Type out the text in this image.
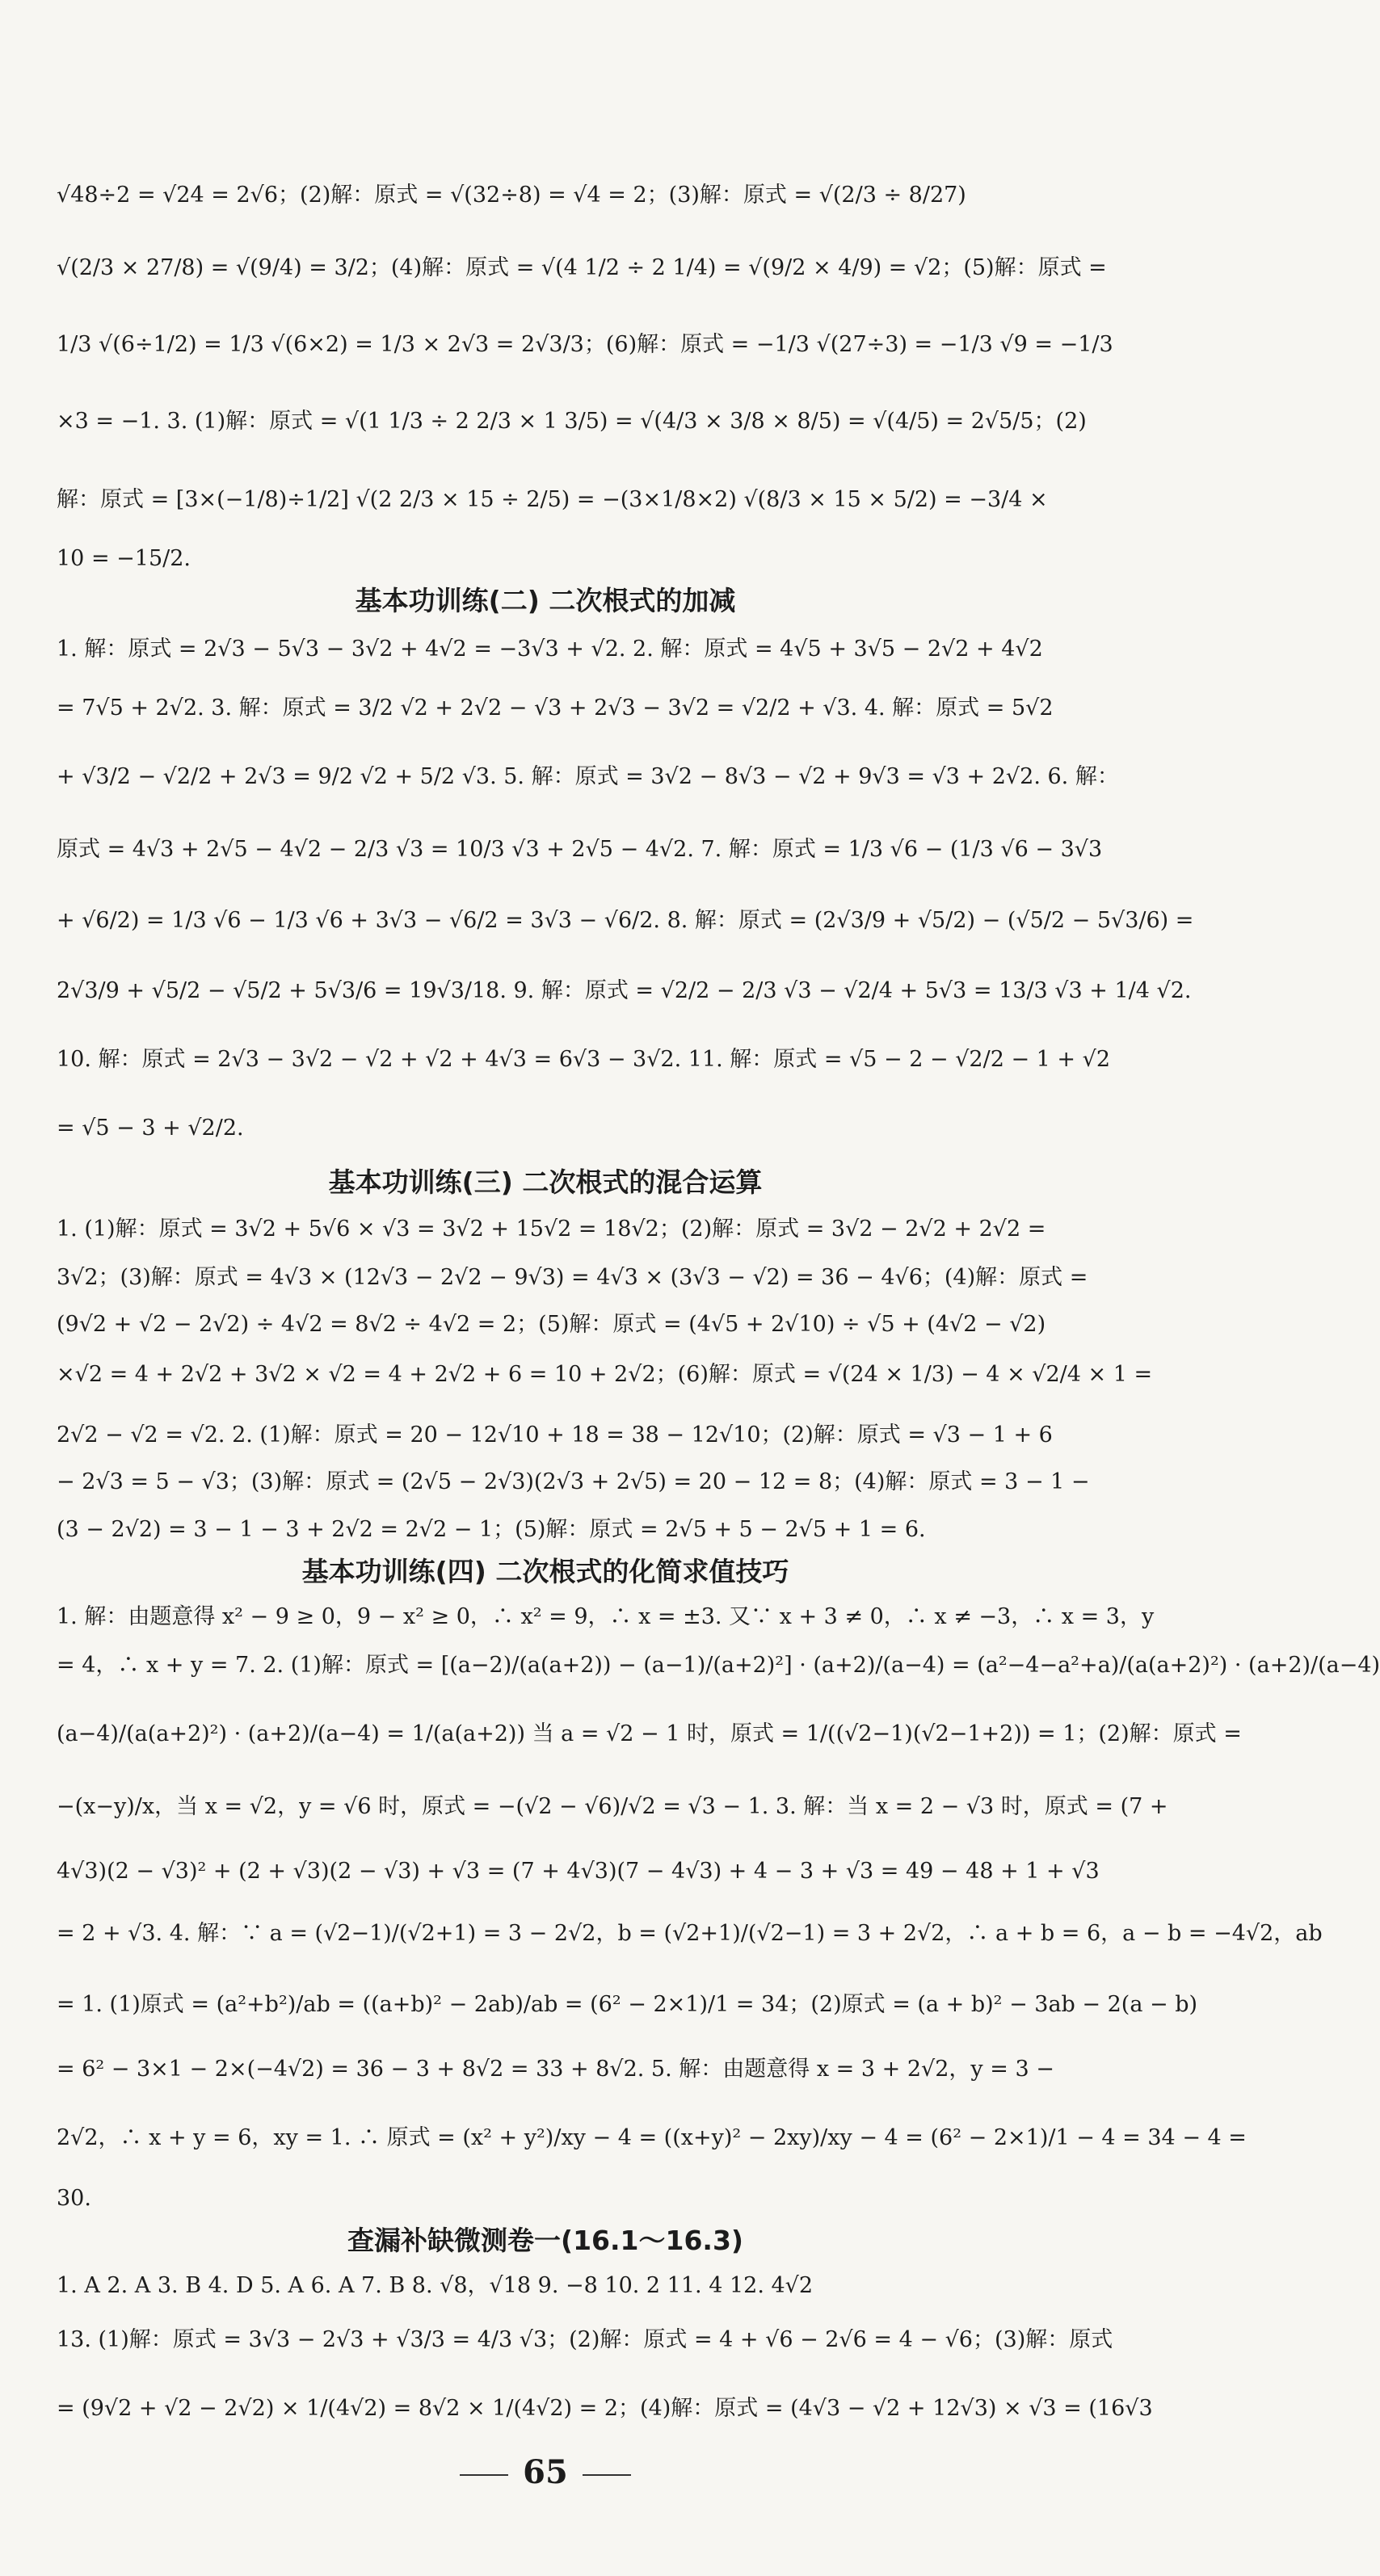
√48÷2 = √24 = 2√6；(2)解：原式 = √(32÷8) = √4 = 2；(3)解：原式 = √(2/3 ÷ 8/27)
√(2/3 × 27/8) = √(9/4) = 3/2；(4)解：原式 = √(4 1/2 ÷ 2 1/4) = √(9/2 × 4/9) = √2；(5)解：原式 =
1/3 √(6÷1/2) = 1/3 √(6×2) = 1/3 × 2√3 = 2√3/3；(6)解：原式 = −1/3 √(27÷3) = −1/3 √9 = −1/3
×3 = −1. 3. (1)解：原式 = √(1 1/3 ÷ 2 2/3 × 1 3/5) = √(4/3 × 3/8 × 8/5) = √(4/5) = 2√5/5；(2)
解：原式 = [3×(−1/8)÷1/2] √(2 2/3 × 15 ÷ 2/5) = −(3×1/8×2) √(8/3 × 15 × 5/2) = −3/4 ×
10 = −15/2.
基本功训练(二) 二次根式的加减
1. 解：原式 = 2√3 − 5√3 − 3√2 + 4√2 = −3√3 + √2. 2. 解：原式 = 4√5 + 3√5 − 2√2 + 4√2
= 7√5 + 2√2. 3. 解：原式 = 3/2 √2 + 2√2 − √3 + 2√3 − 3√2 = √2/2 + √3. 4. 解：原式 = 5√2
+ √3/2 − √2/2 + 2√3 = 9/2 √2 + 5/2 √3. 5. 解：原式 = 3√2 − 8√3 − √2 + 9√3 = √3 + 2√2. 6. 解：
原式 = 4√3 + 2√5 − 4√2 − 2/3 √3 = 10/3 √3 + 2√5 − 4√2. 7. 解：原式 = 1/3 √6 − (1/3 √6 − 3√3
+ √6/2) = 1/3 √6 − 1/3 √6 + 3√3 − √6/2 = 3√3 − √6/2. 8. 解：原式 = (2√3/9 + √5/2) − (√5/2 − 5√3/6) =
2√3/9 + √5/2 − √5/2 + 5√3/6 = 19√3/18. 9. 解：原式 = √2/2 − 2/3 √3 − √2/4 + 5√3 = 13/3 √3 + 1/4 √2.
10. 解：原式 = 2√3 − 3√2 − √2 + √2 + 4√3 = 6√3 − 3√2. 11. 解：原式 = √5 − 2 − √2/2 − 1 + √2
= √5 − 3 + √2/2.
基本功训练(三) 二次根式的混合运算
1. (1)解：原式 = 3√2 + 5√6 × √3 = 3√2 + 15√2 = 18√2；(2)解：原式 = 3√2 − 2√2 + 2√2 =
3√2；(3)解：原式 = 4√3 × (12√3 − 2√2 − 9√3) = 4√3 × (3√3 − √2) = 36 − 4√6；(4)解：原式 =
(9√2 + √2 − 2√2) ÷ 4√2 = 8√2 ÷ 4√2 = 2；(5)解：原式 = (4√5 + 2√10) ÷ √5 + (4√2 − √2)
×√2 = 4 + 2√2 + 3√2 × √2 = 4 + 2√2 + 6 = 10 + 2√2；(6)解：原式 = √(24 × 1/3) − 4 × √2/4 × 1 =
2√2 − √2 = √2. 2. (1)解：原式 = 20 − 12√10 + 18 = 38 − 12√10；(2)解：原式 = √3 − 1 + 6
− 2√3 = 5 − √3；(3)解：原式 = (2√5 − 2√3)(2√3 + 2√5) = 20 − 12 = 8；(4)解：原式 = 3 − 1 −
(3 − 2√2) = 3 − 1 − 3 + 2√2 = 2√2 − 1；(5)解：原式 = 2√5 + 5 − 2√5 + 1 = 6.
基本功训练(四) 二次根式的化简求值技巧
1. 解：由题意得 x² − 9 ≥ 0，9 − x² ≥ 0，∴ x² = 9，∴ x = ±3. 又∵ x + 3 ≠ 0，∴ x ≠ −3，∴ x = 3，y
= 4，∴ x + y = 7. 2. (1)解：原式 = [(a−2)/(a(a+2)) − (a−1)/(a+2)²] · (a+2)/(a−4) = (a²−4−a²+a)/(a(a+2)²) · (a+2)/(a−4)
(a−4)/(a(a+2)²) · (a+2)/(a−4) = 1/(a(a+2)) 当 a = √2 − 1 时，原式 = 1/((√2−1)(√2−1+2)) = 1；(2)解：原式 =
−(x−y)/x，当 x = √2，y = √6 时，原式 = −(√2 − √6)/√2 = √3 − 1. 3. 解：当 x = 2 − √3 时，原式 = (7 +
4√3)(2 − √3)² + (2 + √3)(2 − √3) + √3 = (7 + 4√3)(7 − 4√3) + 4 − 3 + √3 = 49 − 48 + 1 + √3
= 2 + √3. 4. 解：∵ a = (√2−1)/(√2+1) = 3 − 2√2，b = (√2+1)/(√2−1) = 3 + 2√2，∴ a + b = 6，a − b = −4√2，ab
= 1. (1)原式 = (a²+b²)/ab = ((a+b)² − 2ab)/ab = (6² − 2×1)/1 = 34；(2)原式 = (a + b)² − 3ab − 2(a − b)
= 6² − 3×1 − 2×(−4√2) = 36 − 3 + 8√2 = 33 + 8√2. 5. 解：由题意得 x = 3 + 2√2，y = 3 −
2√2，∴ x + y = 6，xy = 1. ∴ 原式 = (x² + y²)/xy − 4 = ((x+y)² − 2xy)/xy − 4 = (6² − 2×1)/1 − 4 = 34 − 4 =
30.
查漏补缺微测卷一(16.1～16.3)
1. A 2. A 3. B 4. D 5. A 6. A 7. B 8. √8，√18 9. −8 10. 2 11. 4 12. 4√2
13. (1)解：原式 = 3√3 − 2√3 + √3/3 = 4/3 √3；(2)解：原式 = 4 + √6 − 2√6 = 4 − √6；(3)解：原式
= (9√2 + √2 − 2√2) × 1/(4√2) = 8√2 × 1/(4√2) = 2；(4)解：原式 = (4√3 − √2 + 12√3) × √3 = (16√3
65
